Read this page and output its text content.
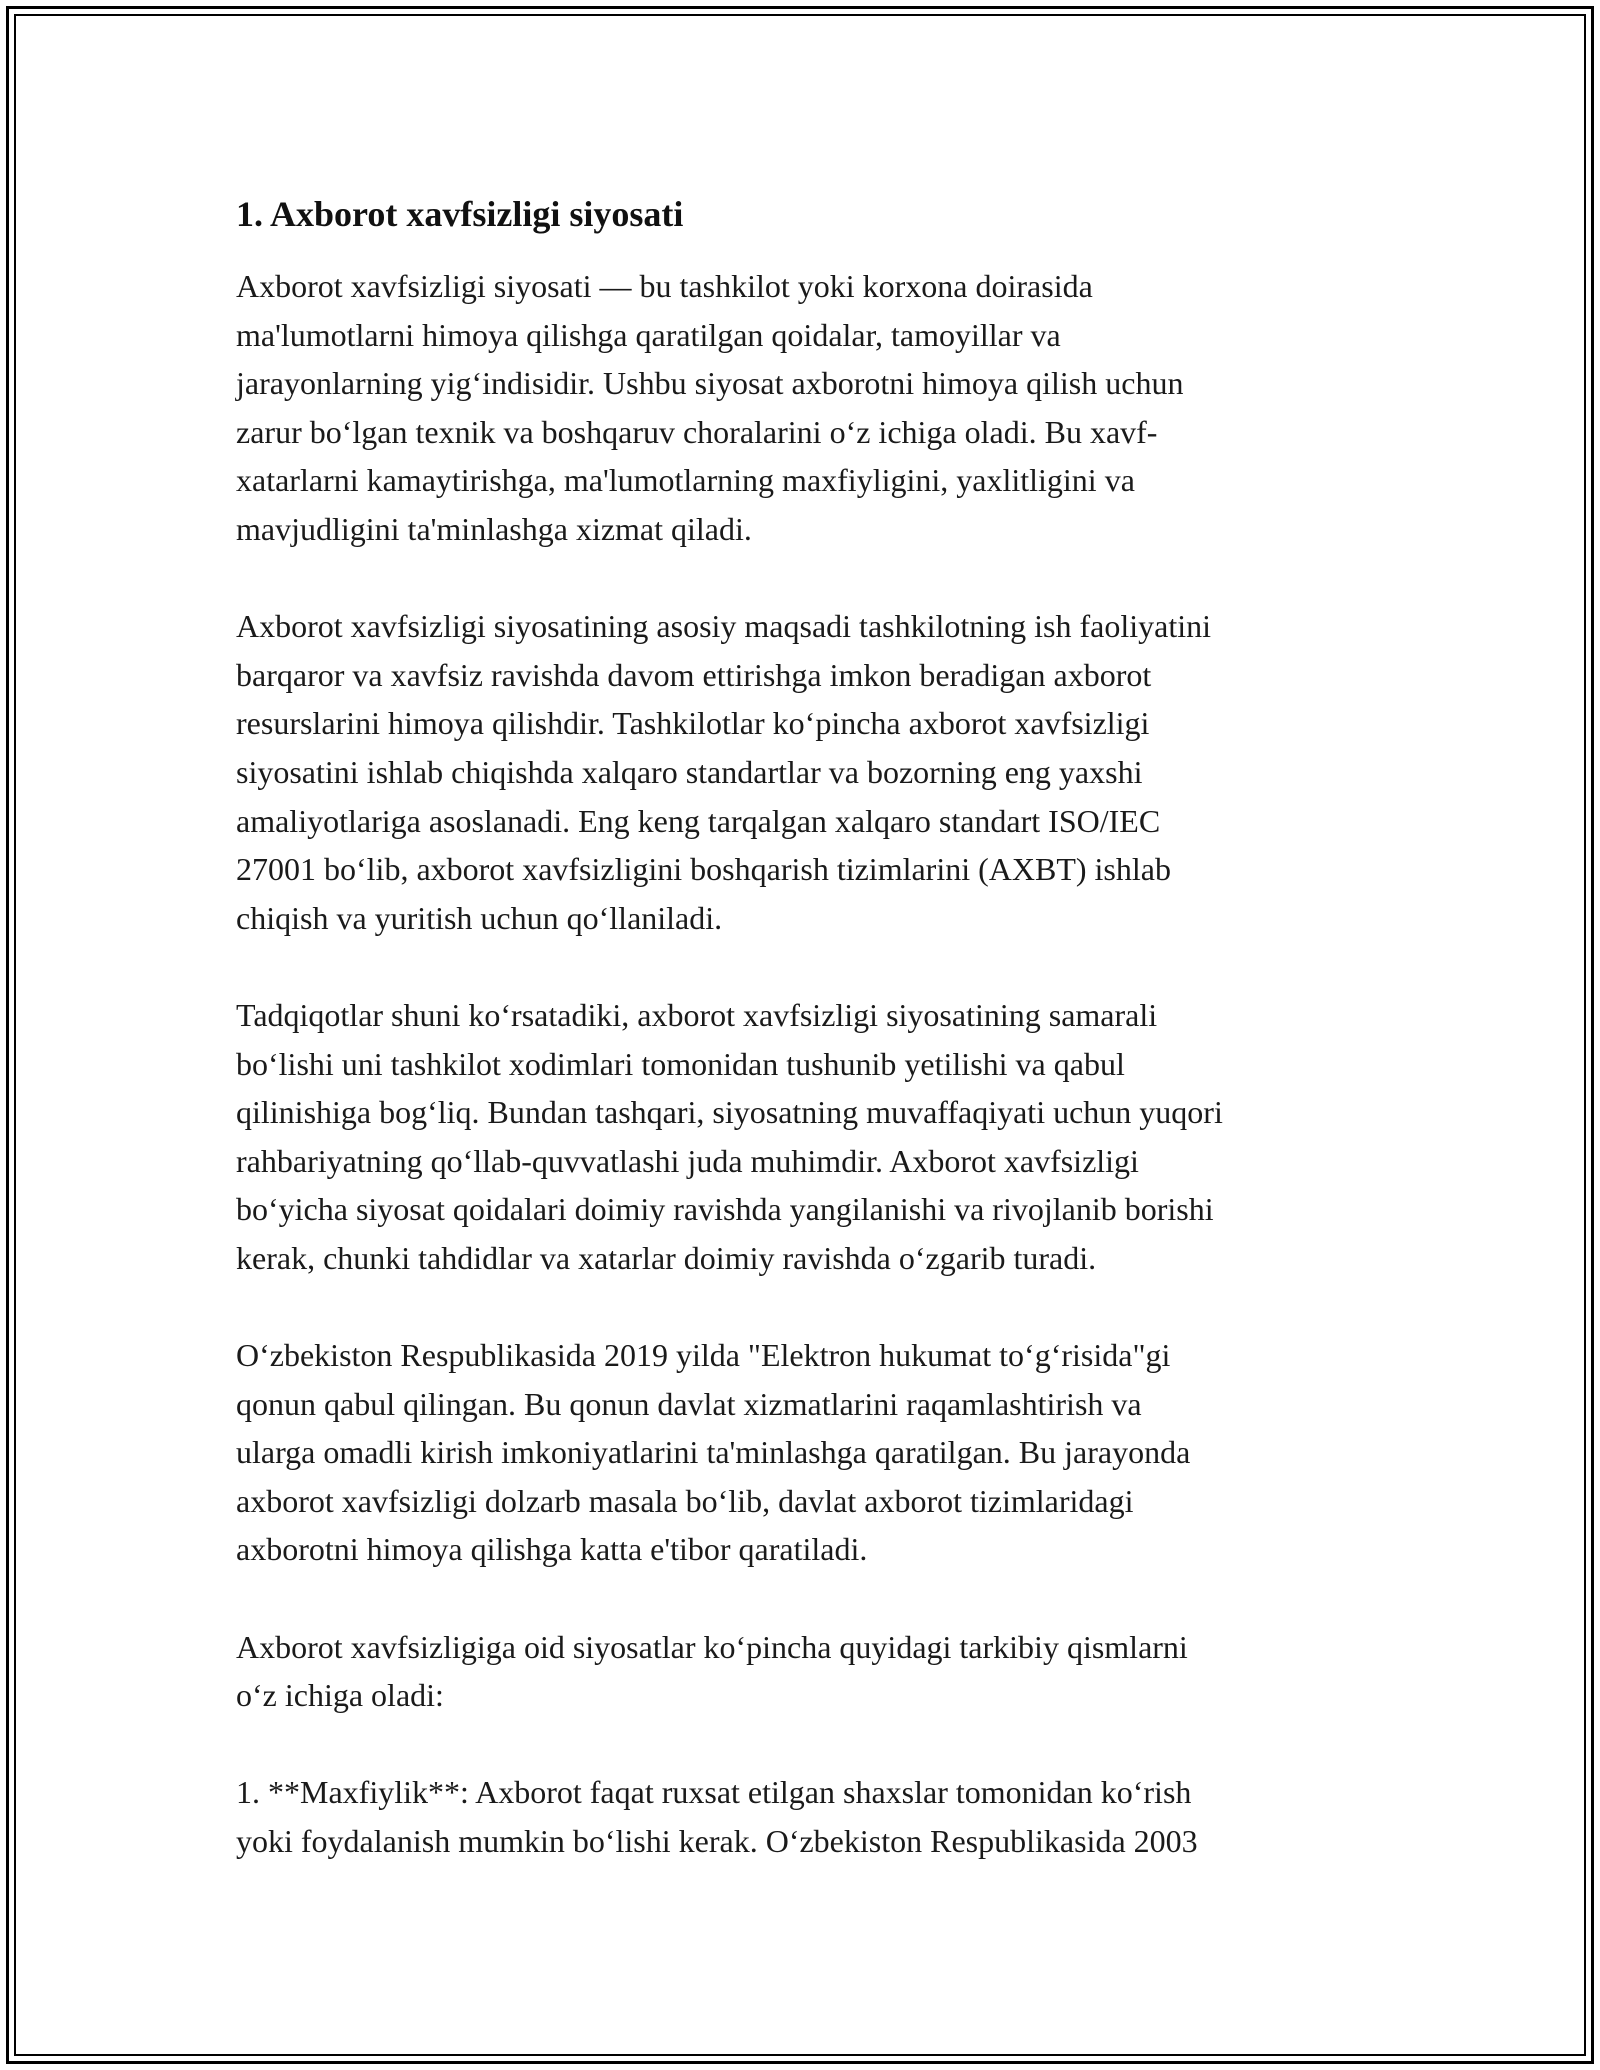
1. Axborot xavfsizligi siyosati

Axborot xavfsizligi siyosati — bu tashkilot yoki korxona doirasida
ma'lumotlarni himoya qilishga qaratilgan qoidalar, tamoyillar va
jarayonlarning yig‘indisidir. Ushbu siyosat axborotni himoya qilish uchun
zarur bo‘lgan texnik va boshqaruv choralarini o‘z ichiga oladi. Bu xavf-
xatarlarni kamaytirishga, ma'lumotlarning maxfiyligini, yaxlitligini va
mavjudligini ta'minlashga xizmat qiladi.

Axborot xavfsizligi siyosatining asosiy maqsadi tashkilotning ish faoliyatini
barqaror va xavfsiz ravishda davom ettirishga imkon beradigan axborot
resurslarini himoya qilishdir. Tashkilotlar ko‘pincha axborot xavfsizligi
siyosatini ishlab chiqishda xalqaro standartlar va bozorning eng yaxshi
amaliyotlariga asoslanadi. Eng keng tarqalgan xalqaro standart ISO/IEC
27001 bo‘lib, axborot xavfsizligini boshqarish tizimlarini (AXBT) ishlab
chiqish va yuritish uchun qo‘llaniladi.

Tadqiqotlar shuni ko‘rsatadiki, axborot xavfsizligi siyosatining samarali
bo‘lishi uni tashkilot xodimlari tomonidan tushunib yetilishi va qabul
qilinishiga bog‘liq. Bundan tashqari, siyosatning muvaffaqiyati uchun yuqori
rahbariyatning qo‘llab-quvvatlashi juda muhimdir. Axborot xavfsizligi
bo‘yicha siyosat qoidalari doimiy ravishda yangilanishi va rivojlanib borishi
kerak, chunki tahdidlar va xatarlar doimiy ravishda o‘zgarib turadi.

O‘zbekiston Respublikasida 2019 yilda "Elektron hukumat to‘g‘risida"gi
qonun qabul qilingan. Bu qonun davlat xizmatlarini raqamlashtirish va
ularga omadli kirish imkoniyatlarini ta'minlashga qaratilgan. Bu jarayonda
axborot xavfsizligi dolzarb masala bo‘lib, davlat axborot tizimlaridagi
axborotni himoya qilishga katta e'tibor qaratiladi.

Axborot xavfsizligiga oid siyosatlar ko‘pincha quyidagi tarkibiy qismlarni
o‘z ichiga oladi:

1. **Maxfiylik**: Axborot faqat ruxsat etilgan shaxslar tomonidan ko‘rish
yoki foydalanish mumkin bo‘lishi kerak. O‘zbekiston Respublikasida 2003
